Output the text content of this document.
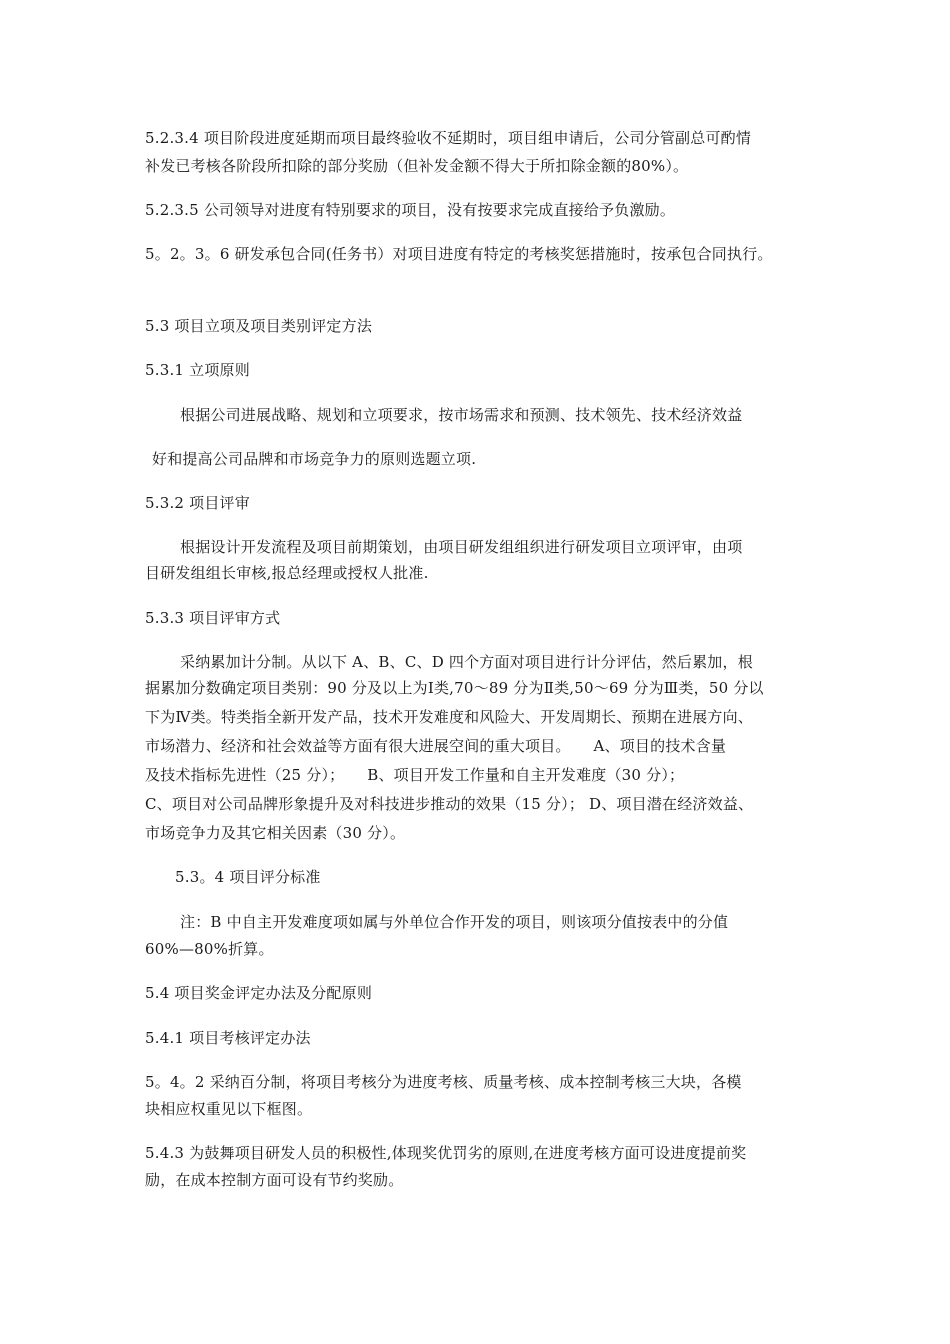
5.2.3.4 项目阶段进度延期而项目最终验收不延期时，项目组申请后，公司分管副总可酌情
补发已考核各阶段所扣除的部分奖励（但补发金额不得大于所扣除金额的80%）。
5.2.3.5 公司领导对进度有特别要求的项目，没有按要求完成直接给予负激励。
5。2。3。6 研发承包合同(任务书）对项目进度有特定的考核奖惩措施时，按承包合同执行。
5.3 项目立项及项目类别评定方法
5.3.1 立项原则
根据公司进展战略、规划和立项要求，按市场需求和预测、技术领先、技术经济效益
好和提高公司品牌和市场竞争力的原则选题立项.
5.3.2 项目评审
根据设计开发流程及项目前期策划，由项目研发组组织进行研发项目立项评审，由项
目研发组组长审核,报总经理或授权人批准.
5.3.3 项目评审方式
采纳累加计分制。从以下 A、B、C、D 四个方面对项目进行计分评估，然后累加，根
据累加分数确定项目类别：90 分及以上为Ⅰ类,70～89 分为Ⅱ类,50～69 分为Ⅲ类，50 分以
下为Ⅳ类。特类指全新开发产品，技术开发难度和风险大、开发周期长、预期在进展方向、
市场潜力、经济和社会效益等方面有很大进展空间的重大项目。　　A、项目的技术含量
及技术指标先进性（25 分）；　　B、项目开发工作量和自主开发难度（30 分）；
C、项目对公司品牌形象提升及对科技进步推动的效果（15 分）； D、项目潜在经济效益、
市场竞争力及其它相关因素（30 分）。
5.3。4 项目评分标准
注：B 中自主开发难度项如属与外单位合作开发的项目，则该项分值按表中的分值
60%—80%折算。
5.4 项目奖金评定办法及分配原则
5.4.1 项目考核评定办法
5。4。2 采纳百分制，将项目考核分为进度考核、质量考核、成本控制考核三大块，各模
块相应权重见以下框图。
5.4.3 为鼓舞项目研发人员的积极性,体现奖优罚劣的原则,在进度考核方面可设进度提前奖
励，在成本控制方面可设有节约奖励。
